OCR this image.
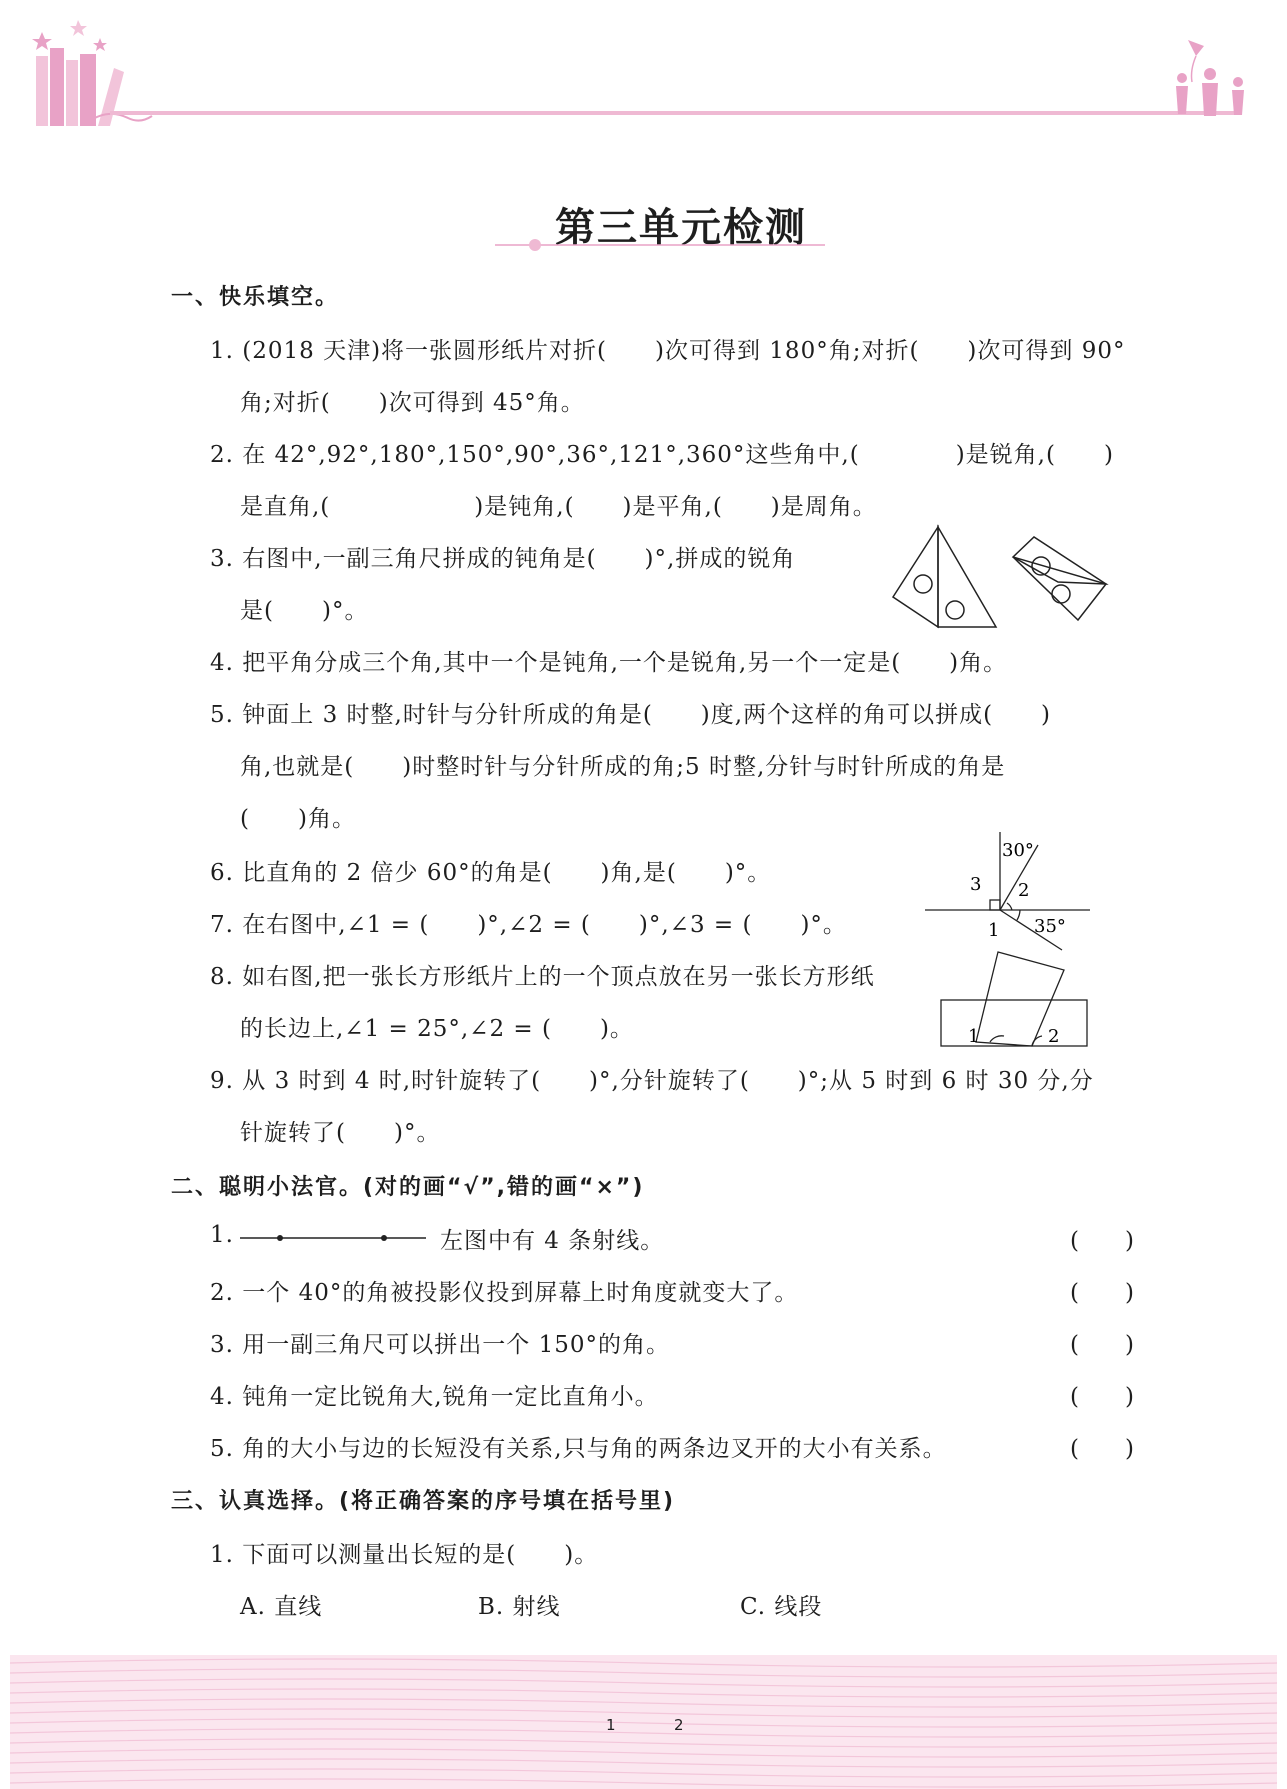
第三单元检测
一、快乐填空。
1. (2018 天津)将一张圆形纸片对折(　　)次可得到 180°角;对折(　　)次可得到 90°
角;对折(　　)次可得到 45°角。
2. 在 42°,92°,180°,150°,90°,36°,121°,360°这些角中,(　　　　)是锐角,(　　)
是直角,(　　　　　　)是钝角,(　　)是平角,(　　)是周角。
3. 右图中,一副三角尺拼成的钝角是(　　)°,拼成的锐角
是(　　)°。
4. 把平角分成三个角,其中一个是钝角,一个是锐角,另一个一定是(　　)角。
5. 钟面上 3 时整,时针与分针所成的角是(　　)度,两个这样的角可以拼成(　　)
角,也就是(　　)时整时针与分针所成的角;5 时整,分针与时针所成的角是
(　　)角。
6. 比直角的 2 倍少 60°的角是(　　)角,是(　　)°。
7. 在右图中,∠1 = (　　)°,∠2 = (　　)°,∠3 = (　　)°。
8. 如右图,把一张长方形纸片上的一个顶点放在另一张长方形纸
的长边上,∠1 = 25°,∠2 = (　　)。
9. 从 3 时到 4 时,时针旋转了(　　)°,分针旋转了(　　)°;从 5 时到 6 时 30 分,分
针旋转了(　　)°。
30°
3 2
1 35°
1	2
二、聪明小法官。(对的画“√”,错的画“×”)
1.	左图中有 4 条射线。	(　　)
2. 一个 40°的角被投影仪投到屏幕上时角度就变大了。	(　　)
3. 用一副三角尺可以拼出一个 150°的角。	(　　)
4. 钝角一定比锐角大,锐角一定比直角小。	(　　)
5. 角的大小与边的长短没有关系,只与角的两条边叉开的大小有关系。	(　　)
三、认真选择。(将正确答案的序号填在括号里)
1. 下面可以测量出长短的是(　　)。
A. 直线	B. 射线	C. 线段
1	2
